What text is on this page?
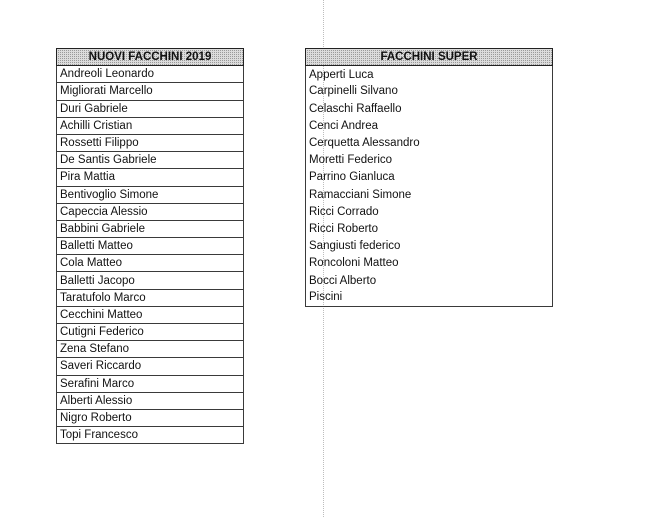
NUOVI FACCHINI 2019
Andreoli Leonardo
Migliorati Marcello
Duri Gabriele
Achilli Cristian
Rossetti Filippo
De Santis Gabriele
Pira Mattia
Bentivoglio Simone
Capeccia Alessio
Babbini Gabriele
Balletti Matteo
Cola Matteo
Balletti Jacopo
Taratufolo Marco
Cecchini Matteo
Cutigni Federico
Zena Stefano
Saveri Riccardo
Serafini Marco
Alberti Alessio
Nigro Roberto
Topi Francesco
FACCHINI SUPER
Apperti Luca
Carpinelli Silvano
Celaschi Raffaello
Cenci Andrea
Cerquetta Alessandro
Moretti Federico
Parrino Gianluca
Ramacciani Simone
Ricci Corrado
Ricci Roberto
Sangiusti federico
Roncoloni Matteo
Bocci Alberto
Piscini
